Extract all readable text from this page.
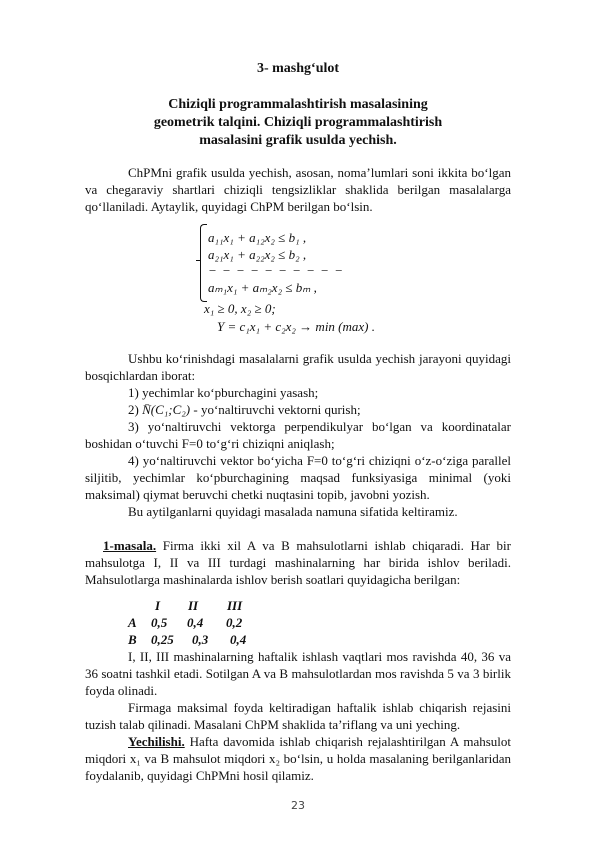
3- mashg‘ulot
Chiziqli programmalashtirish masalasining
geometrik talqini. Chiziqli programmalashtirish
masalasini grafik usulda yechish.
ChPMni grafik usulda yechish, asosan, noma’lumlari soni ikkita bo‘lgan va chegaraviy shartlari chiziqli tengsizliklar shaklida berilgan masalalarga qo‘llaniladi. Aytaylik, quyidagi ChPM berilgan bo‘lsin.
a₁₁x₁ + a₁₂x₂ ≤ b₁ ,
a₂₁x₁ + a₂₂x₂ ≤ b₂ ,
− − − − − − − − − −
aₘ₁x₁ + aₘ₂x₂ ≤ bₘ ,
x₁ ≥ 0, x₂ ≥ 0;
Y = c₁x₁ + c₂x₂ → min (max) .
Ushbu ko‘rinishdagi masalalarni grafik usulda yechish jarayoni quyidagi bosqichlardan iborat:
1) yechimlar ko‘pburchagini yasash;
2) N̄(C₁;C₂) - yo‘naltiruvchi vektorni qurish;
3) yo‘naltiruvchi vektorga perpendikulyar bo‘lgan va koordinatalar boshidan o‘tuvchi F=0 to‘g‘ri chiziqni aniqlash;
4) yo‘naltiruvchi vektor bo‘yicha F=0 to‘g‘ri chiziqni o‘z-o‘ziga parallel siljitib, yechimlar ko‘pburchagining maqsad funksiyasiga minimal (yoki maksimal) qiymat beruvchi chetki nuqtasini topib, javobni yozish.
Bu aytilganlarni quyidagi masalada namuna sifatida keltiramiz.
1-masala. Firma ikki xil A va B mahsulotlarni ishlab chiqaradi. Har bir mahsulotga I, II va III turdagi mashinalarning har birida ishlov beriladi. Mahsulotlarga mashinalarda ishlov berish soatlari quyidagicha berilgan:
I II III
A 0,5 0,4 0,2
B 0,25 0,3 0,4
I, II, III mashinalarning haftalik ishlash vaqtlari mos ravishda 40, 36 va 36 soatni tashkil etadi. Sotilgan A va B mahsulotlardan mos ravishda 5 va 3 birlik foyda olinadi.
Firmaga maksimal foyda keltiradigan haftalik ishlab chiqarish rejasini tuzish talab qilinadi. Masalani ChPM shaklida ta’riflang va uni yeching.
Yechilishi. Hafta davomida ishlab chiqarish rejalashtirilgan A mahsulot miqdori x₁ va B mahsulot miqdori x₂ bo‘lsin, u holda masalaning berilganlaridan foydalanib, quyidagi ChPMni hosil qilamiz.
23
